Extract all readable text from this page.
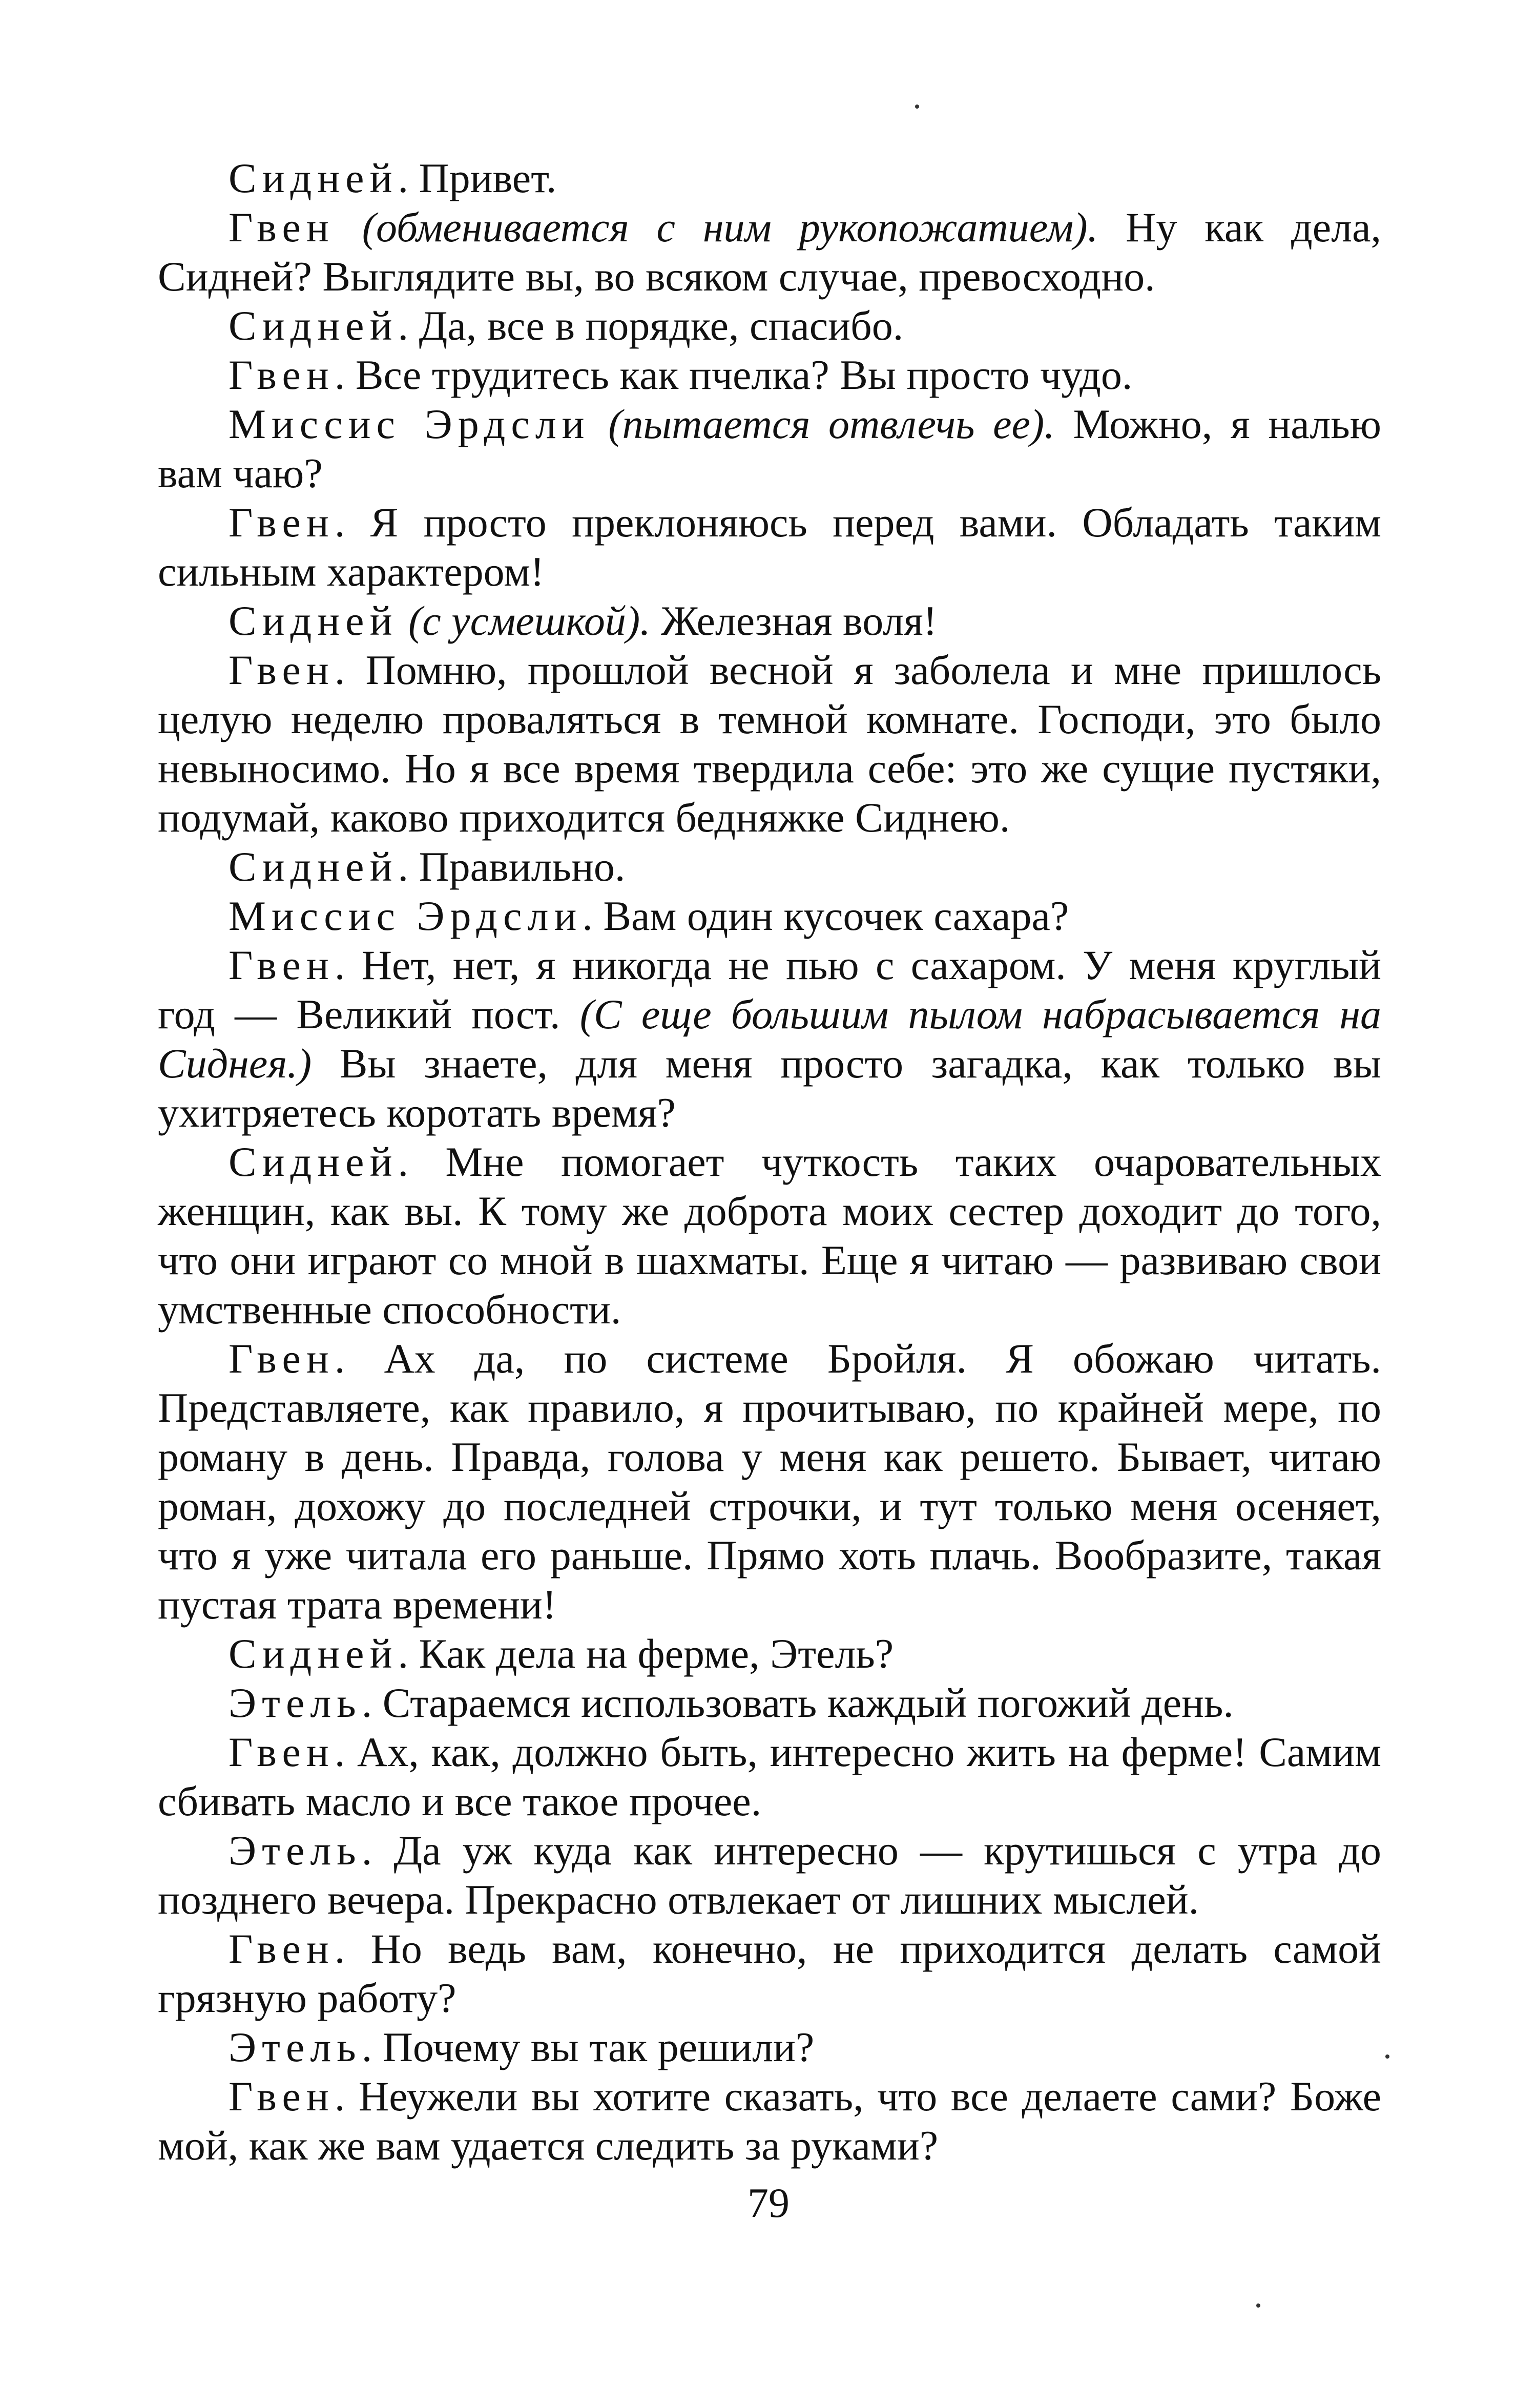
Сидней. Привет.

Гвен (обменивается с ним рукопожатием). Ну как дела, Сидней? Выглядите вы, во всяком случае, превосходно.

Сидней. Да, все в порядке, спасибо.

Гвен. Все трудитесь как пчелка? Вы просто чудо.

Миссис Эрдсли (пытается отвлечь ее). Можно, я налью вам чаю?

Гвен. Я просто преклоняюсь перед вами. Обладать таким сильным характером!

Сидней (с усмешкой). Железная воля!

Гвен. Помню, прошлой весной я заболела и мне пришлось целую неделю проваляться в темной комнате. Господи, это было невыносимо. Но я все время твердила себе: это же сущие пустяки, подумай, каково приходится бедняжке Сиднею.

Сидней. Правильно.

Миссис Эрдсли. Вам один кусочек сахара?

Гвен. Нет, нет, я никогда не пью с сахаром. У меня круглый год — Великий пост. (С еще большим пылом набрасывается на Сиднея.) Вы знаете, для меня просто загадка, как только вы ухитряетесь коротать время?

Сидней. Мне помогает чуткость таких очаровательных женщин, как вы. К тому же доброта моих сестер доходит до того, что они играют со мной в шахматы. Еще я читаю — развиваю свои умственные способности.

Гвен. Ах да, по системе Бройля. Я обожаю читать. Представляете, как правило, я прочитываю, по крайней мере, по роману в день. Правда, голова у меня как решето. Бывает, читаю роман, дохожу до последней строчки, и тут только меня осеняет, что я уже читала его раньше. Прямо хоть плачь. Вообразите, такая пустая трата времени!

Сидней. Как дела на ферме, Этель?

Этель. Стараемся использовать каждый погожий день.

Гвен. Ах, как, должно быть, интересно жить на ферме! Самим сбивать масло и все такое прочее.

Этель. Да уж куда как интересно — крутишься с утра до позднего вечера. Прекрасно отвлекает от лишних мыслей.

Гвен. Но ведь вам, конечно, не приходится делать самой грязную работу?

Этель. Почему вы так решили?

Гвен. Неужели вы хотите сказать, что все делаете сами? Боже мой, как же вам удается следить за руками?

79
